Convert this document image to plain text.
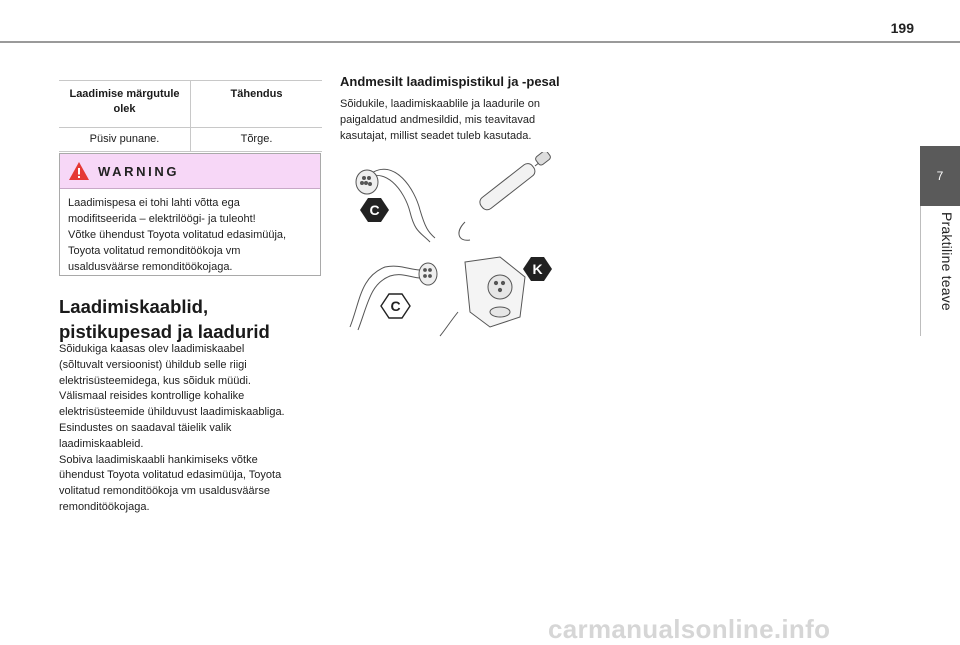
199
7
Praktiline teave
Laadimise märgutule olek	Tähendus
Püsiv punane.	Tõrge.
WARNING
Laadimispesa ei tohi lahti võtta ega
modifitseerida – elektrilöögi- ja tuleoht!
Võtke ühendust Toyota volitatud edasimüüja,
Toyota volitatud remonditöökoja vm
usaldusväärse remonditöökojaga.
Laadimiskaablid,
pistikupesad ja laadurid
Sõidukiga kaasas olev laadimiskaabel
(sõltuvalt versioonist) ühildub selle riigi
elektrisüsteemidega, kus sõiduk müüdi.
Välismaal reisides kontrollige kohalike
elektrisüsteemide ühilduvust laadimiskaabliga.
Esindustes on saadaval täielik valik
laadimiskaableid.
Sobiva laadimiskaabli hankimiseks võtke
ühendust Toyota volitatud edasimüüja, Toyota
volitatud remonditöökoja vm usaldusväärse
remonditöökojaga.
Andmesilt laadimispistikul ja -pesal
Sõidukile, laadimiskaablile ja laadurile on
paigaldatud andmesildid, mis teavitavad
kasutajat, millist seadet tuleb kasutada.
C
C
K
carmanualsonline.info
